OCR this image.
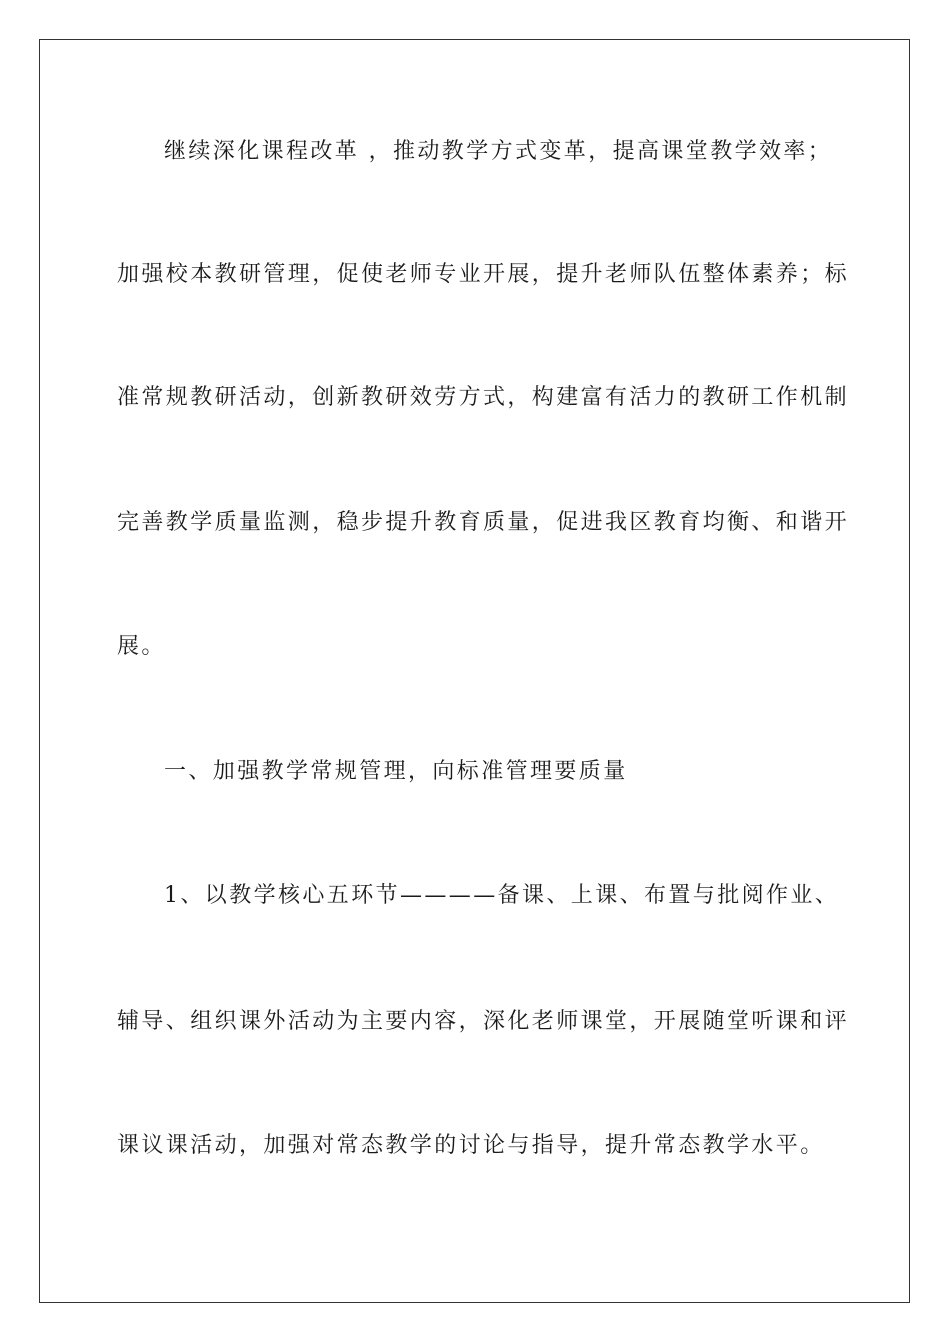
继续深化课程改革 ，推动教学方式变革，提高课堂教学效率；

加强校本教研管理，促使老师专业开展，提升老师队伍整体素养；标

准常规教研活动，创新教研效劳方式，构建富有活力的教研工作机制

完善教学质量监测，稳步提升教育质量，促进我区教育均衡、和谐开

展。

一、加强教学常规管理，向标准管理要质量

1、以教学核心五环节————备课、上课、布置与批阅作业、

辅导、组织课外活动为主要内容，深化老师课堂，开展随堂听课和评

课议课活动，加强对常态教学的讨论与指导，提升常态教学水平。
